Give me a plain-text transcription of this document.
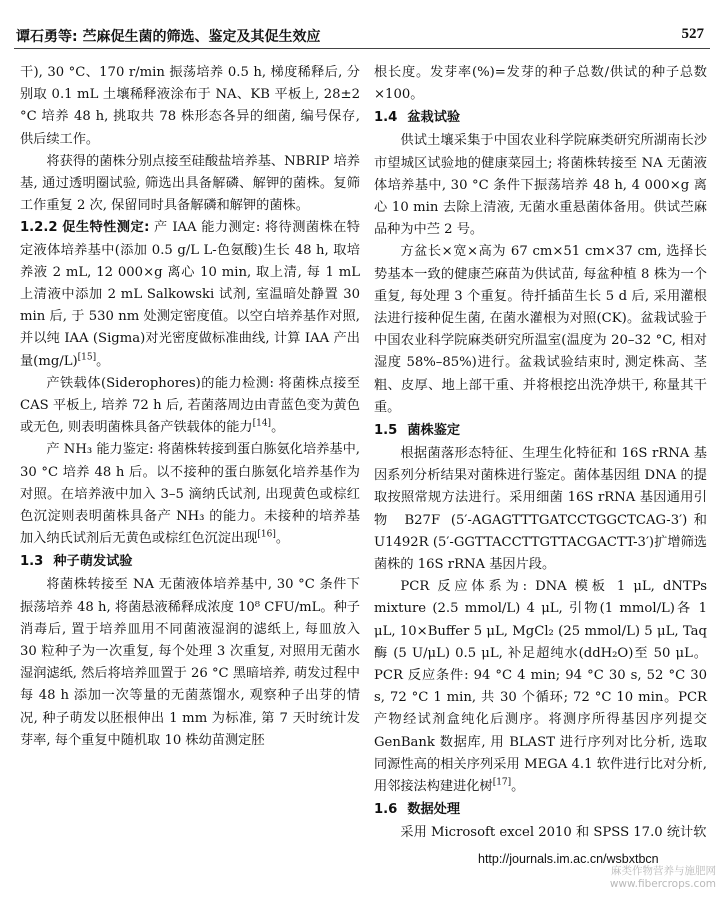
谭石勇等: 苎麻促生菌的筛选、鉴定及其促生效应	527

干), 30 °C、170 r/min 振荡培养 0.5 h, 梯度稀释后, 分别取 0.1 mL 土壤稀释液涂布于 NA、KB 平板上, 28±2 °C 培养 48 h, 挑取共 78 株形态各异的细菌, 编号保存, 供后续工作。

将获得的菌株分别点接至硅酸盐培养基、NBRIP 培养基, 通过透明圈试验, 筛选出具备解磷、解钾的菌株。复筛工作重复 2 次, 保留同时具备解磷和解钾的菌株。

1.2.2 促生特性测定: 产 IAA 能力测定: 将待测菌株在特定液体培养基中(添加 0.5 g/L L-色氨酸)生长 48 h, 取培养液 2 mL, 12 000×g 离心 10 min, 取上清, 每 1 mL 上清液中添加 2 mL Salkowski 试剂, 室温暗处静置 30 min 后, 于 530 nm 处测定密度值。以空白培养基作对照, 并以纯 IAA (Sigma)对光密度做标准曲线, 计算 IAA 产出量(mg/L)[15]。

产铁载体(Siderophores)的能力检测: 将菌株点接至 CAS 平板上, 培养 72 h 后, 若菌落周边由青蓝色变为黄色或无色, 则表明菌株具备产铁载体的能力[14]。

产 NH₃ 能力鉴定: 将菌株转接到蛋白胨氨化培养基中, 30 °C 培养 48 h 后。以不接种的蛋白胨氨化培养基作为对照。在培养液中加入 3–5 滴纳氏试剂, 出现黄色或棕红色沉淀则表明菌株具备产 NH₃ 的能力。未接种的培养基加入纳氏试剂后无黄色或棕红色沉淀出现[16]。

1.3 种子萌发试验

将菌株转接至 NA 无菌液体培养基中, 30 °C 条件下振荡培养 48 h, 将菌悬液稀释成浓度 10⁸ CFU/mL。种子消毒后, 置于培养皿用不同菌液湿润的滤纸上, 每皿放入 30 粒种子为一次重复, 每个处理 3 次重复, 对照用无菌水湿润滤纸, 然后将培养皿置于 26 °C 黑暗培养, 萌发过程中每 48 h 添加一次等量的无菌蒸馏水, 观察种子出芽的情况, 种子萌发以胚根伸出 1 mm 为标准, 第 7 天时统计发芽率, 每个重复中随机取 10 株幼苗测定胚

根长度。发芽率(%)=发芽的种子总数/供试的种子总数×100。

1.4 盆栽试验

供试土壤采集于中国农业科学院麻类研究所湖南长沙市望城区试验地的健康菜园土; 将菌株转接至 NA 无菌液体培养基中, 30 °C 条件下振荡培养 48 h, 4 000×g 离心 10 min 去除上清液, 无菌水重悬菌体备用。供试苎麻品种为中苎 2 号。

方盆长×宽×高为 67 cm×51 cm×37 cm, 选择长势基本一致的健康苎麻苗为供试苗, 每盆种植 8 株为一个重复, 每处理 3 个重复。待扦插苗生长 5 d 后, 采用灌根法进行接种促生菌, 在菌水灌根为对照(CK)。盆栽试验于中国农业科学院麻类研究所温室(温度为 20–32 °C, 相对湿度 58%–85%)进行。盆栽试验结束时, 测定株高、茎粗、皮厚、地上部干重、并将根挖出洗净烘干, 称量其干重。

1.5 菌株鉴定

根据菌落形态特征、生理生化特征和 16S rRNA 基因系列分析结果对菌株进行鉴定。菌体基因组 DNA 的提取按照常规方法进行。采用细菌 16S rRNA 基因通用引物 B27F (5′-AGAGTTTGATCCTGGCTCAG-3′)和 U1492R (5′-GGTTACCTTGTTACGACTT-3′)扩增筛选菌株的 16S rRNA 基因片段。

PCR 反应体系为: DNA 模板 1 μL, dNTPs mixture (2.5 mmol/L) 4 μL, 引物(1 mmol/L)各 1 μL, 10×Buffer 5 μL, MgCl₂ (25 mmol/L) 5 μL, Taq 酶 (5 U/μL) 0.5 μL, 补足超纯水(ddH₂O)至 50 μL。PCR 反应条件: 94 °C 4 min; 94 °C 30 s, 52 °C 30 s, 72 °C 1 min, 共 30 个循环; 72 °C 10 min。PCR 产物经试剂盒纯化后测序。将测序所得基因序列提交 GenBank 数据库, 用 BLAST 进行序列对比分析, 选取同源性高的相关序列采用 MEGA 4.1 软件进行比对分析, 用邻接法构建进化树[17]。

1.6 数据处理

采用 Microsoft excel 2010 和 SPSS 17.0 统计软

http://journals.im.ac.cn/wsbxtbcn
麻类作物营养与施肥网
www.fibercrops.com
